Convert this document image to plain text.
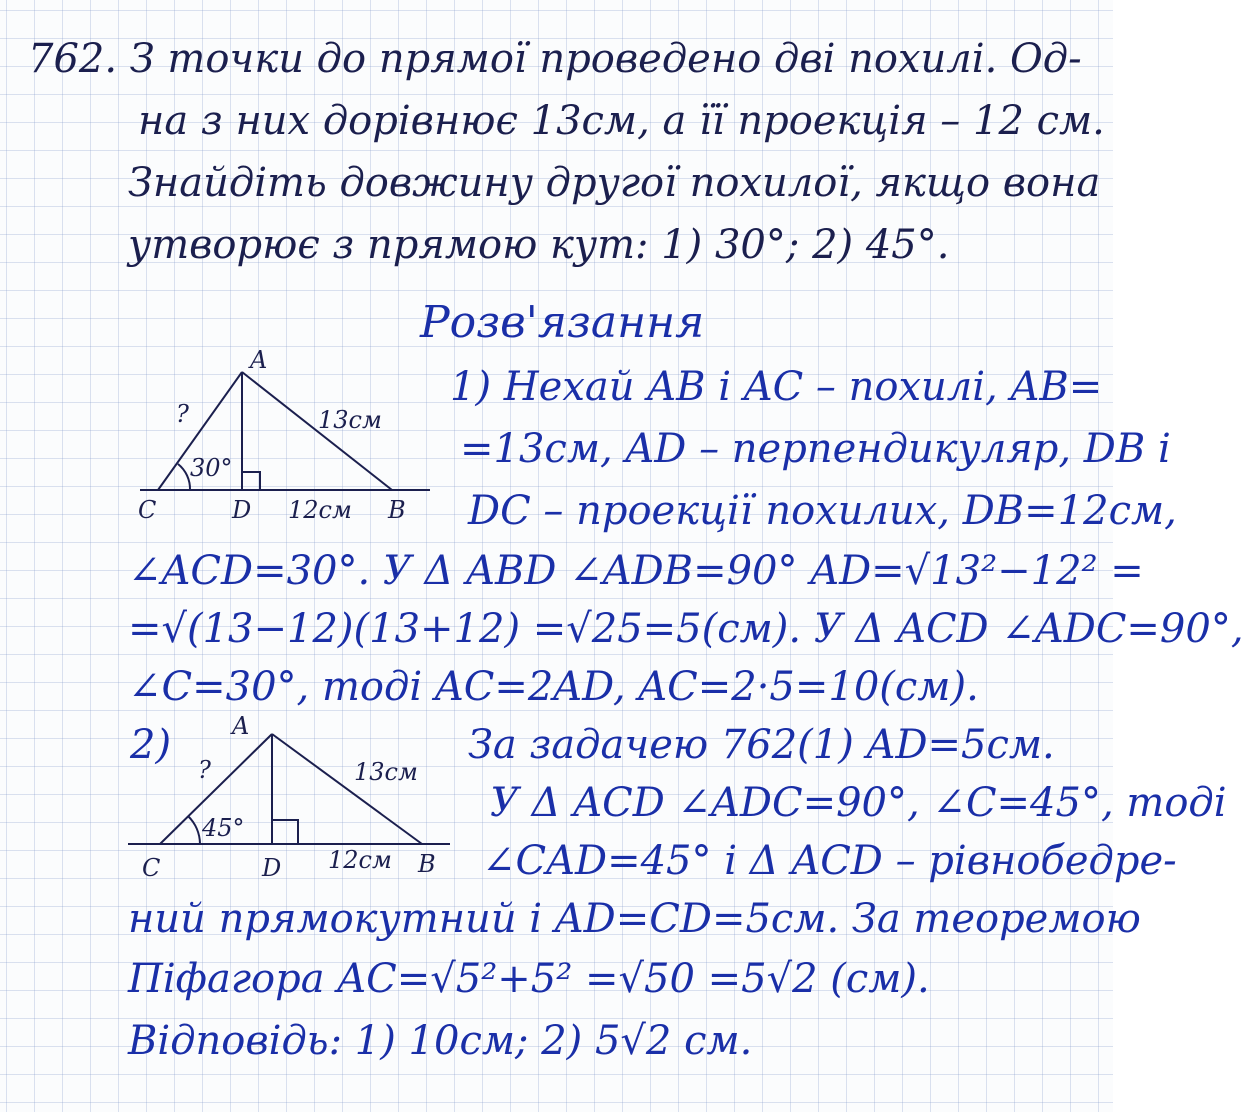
762. З точки до прямої проведено дві похилі. Од-
на з них дорівнює 13см, а її проекція – 12 см.
Знайдіть довжину другої похилої, якщо вона
утворює з прямою кут: 1) 30°; 2) 45°.
Розв'язання
A
C	D	B
13см
?
12см
30°
1) Нехай AB і AC – похилі, AB=
=13см, AD – перпендикуляр, DB і
DC – проекції похилих, DB=12см,
∠ACD=30°. У Δ ABD ∠ADB=90° AD=√13²−12² =
=√(13−12)(13+12) =√25=5(см). У Δ ACD ∠ADC=90°,
∠C=30°, тоді AC=2AD, AC=2·5=10(см).
2)	A
C	D	B
13см
?
12см
45°
За задачею 762(1) AD=5см.
У Δ ACD ∠ADC=90°, ∠C=45°, тоді
∠CAD=45° і Δ ACD – рівнобедре-
ний прямокутний і AD=CD=5см. За теоремою
Піфагора AC=√5²+5² =√50 =5√2 (см).
Відповідь: 1) 10см; 2) 5√2 см.
